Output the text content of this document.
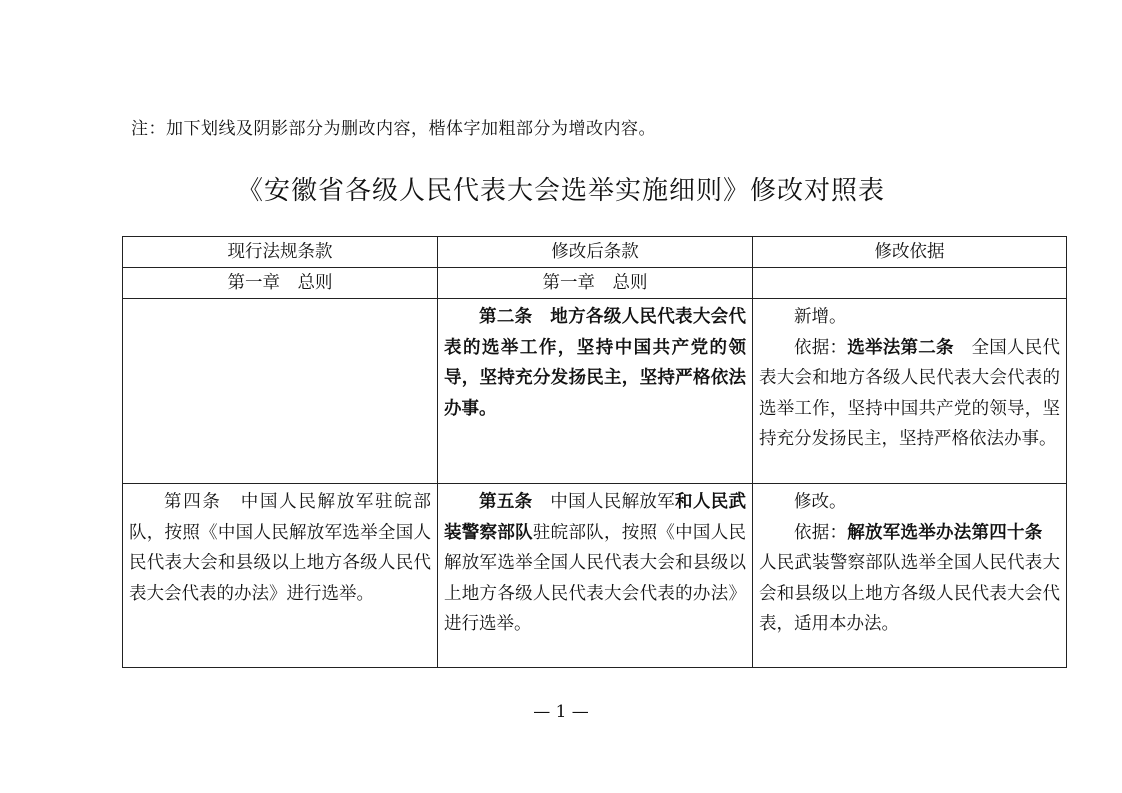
注：加下划线及阴影部分为删改内容，楷体字加粗部分为增改内容。
《安徽省各级人民代表大会选举实施细则》修改对照表
现行法规条款	修改后条款	修改依据
第一章　总则	第一章　总则	

	第二条　地方各级人民代表大会代表的选举工作，坚持中国共产党的领导，坚持充分发扬民主，坚持严格依法办事。	新增。

依据：选举法第二条　全国人民代表大会和地方各级人民代表大会代表的选举工作，坚持中国共产党的领导，坚持充分发扬民主，坚持严格依法办事。

第四条　中国人民解放军驻皖部队，按照《中国人民解放军选举全国人民代表大会和县级以上地方各级人民代表大会代表的办法》进行选举。	第五条　中国人民解放军和人民武装警察部队驻皖部队，按照《中国人民解放军选举全国人民代表大会和县级以上地方各级人民代表大会代表的办法》进行选举。	修改。

依据：解放军选举办法第四十条　人民武装警察部队选举全国人民代表大会和县级以上地方各级人民代表大会代表，适用本办法。

— 1 —
